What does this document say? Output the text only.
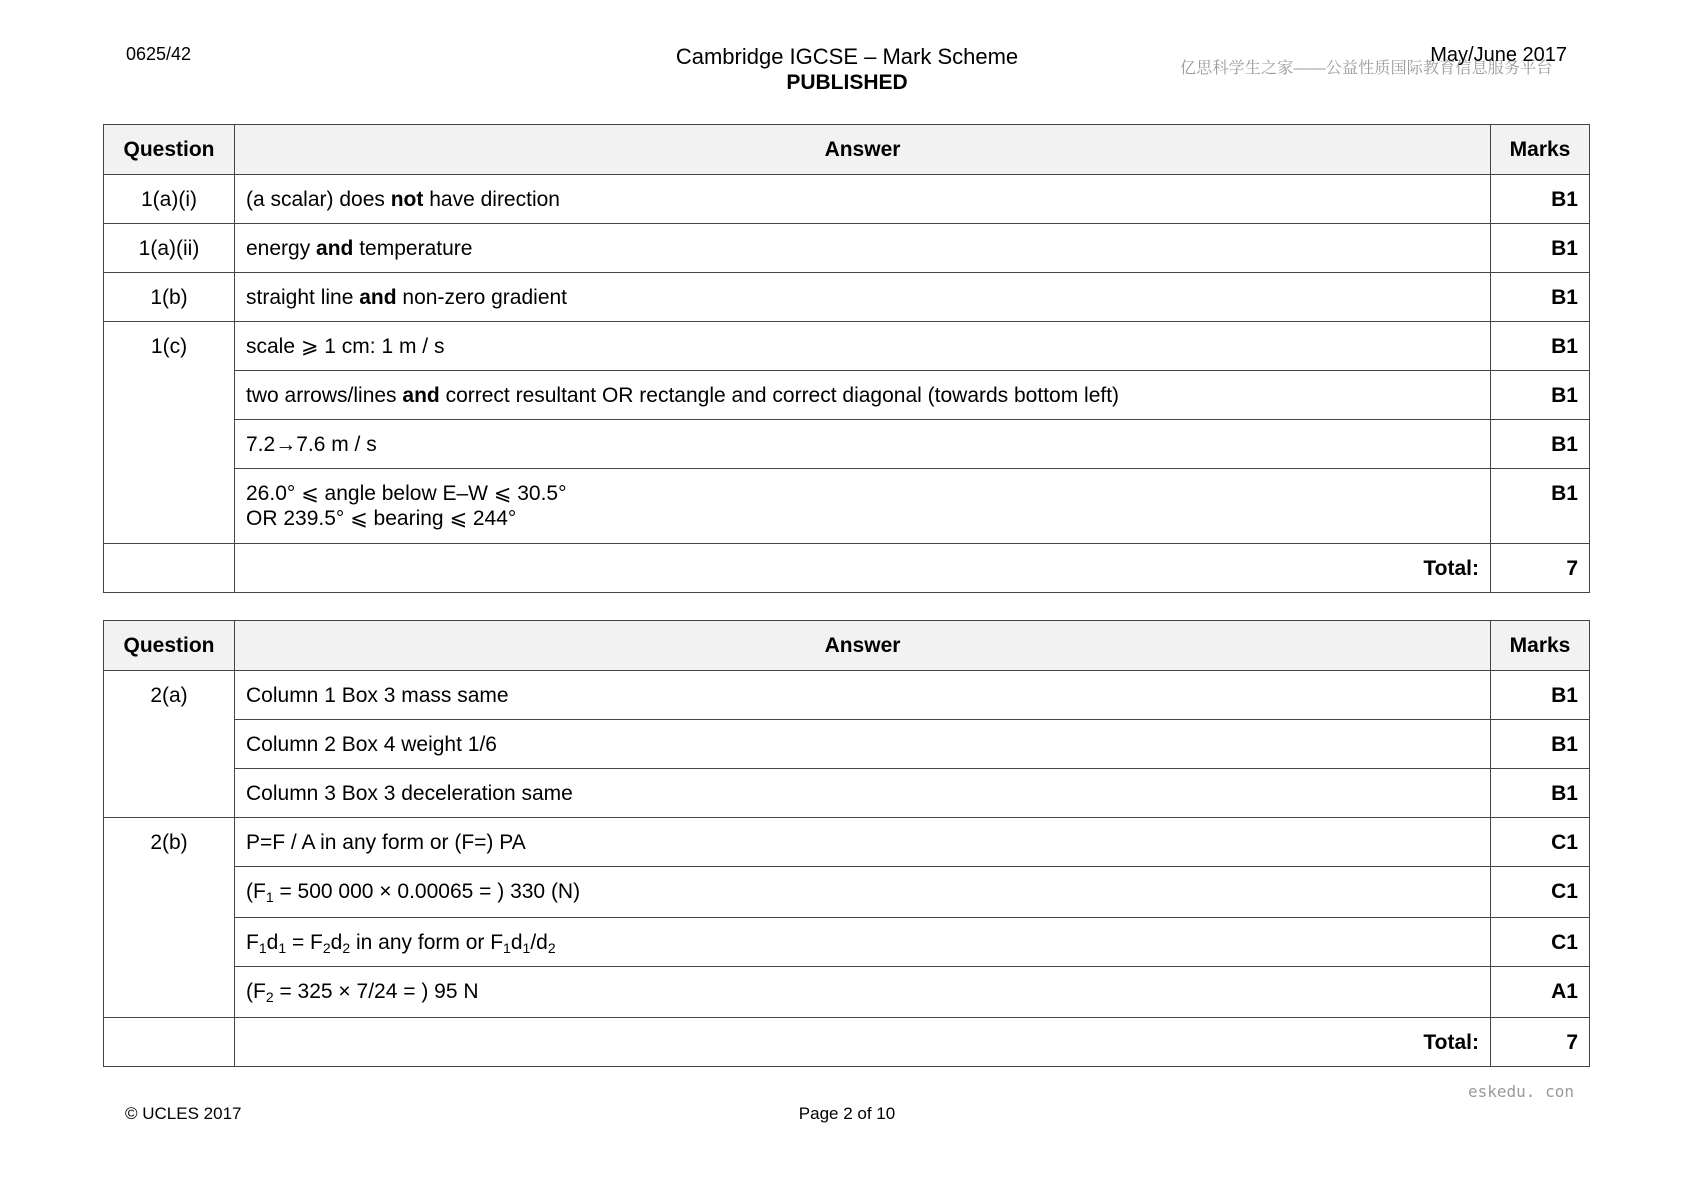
0625/42	Cambridge IGCSE – Mark Scheme
PUBLISHED
亿思科学生之家——公益性质国际教育信息服务平台
May/June 2017
Question	Answer	Marks
1(a)(i)	(a scalar) does not have direction	B1
1(a)(ii)	energy and temperature	B1
1(b)	straight line and non-zero gradient	B1
1(c)	scale ⩾ 1 cm: 1 m / s	B1
	two arrows/lines and correct resultant OR rectangle and correct diagonal (towards bottom left)	B1
	7.2→7.6 m / s	B1

	26.0° ⩽ angle below E–W ⩽ 30.5°
OR 239.5° ⩽ bearing ⩽ 244°	B1
	Total:	7
Question	Answer	Marks
2(a)	Column 1 Box 3 mass same	B1
	Column 2 Box 4 weight 1/6	B1
	Column 3 Box 3 deceleration same	B1
2(b)	P=F / A in any form or (F=) PA	C1
	($F_1 = 500$ 000 × 0.00065 = ) 330 (N)	C1
	$F_1d_1 = F_2d_2$ in any form or $F_1d_1/d_2$	C1
	($F_2 = 325 \times 7/24$ = ) 95 N	A1
	Total:	7
eskedu. con
© UCLES 2017	Page 2 of 10
